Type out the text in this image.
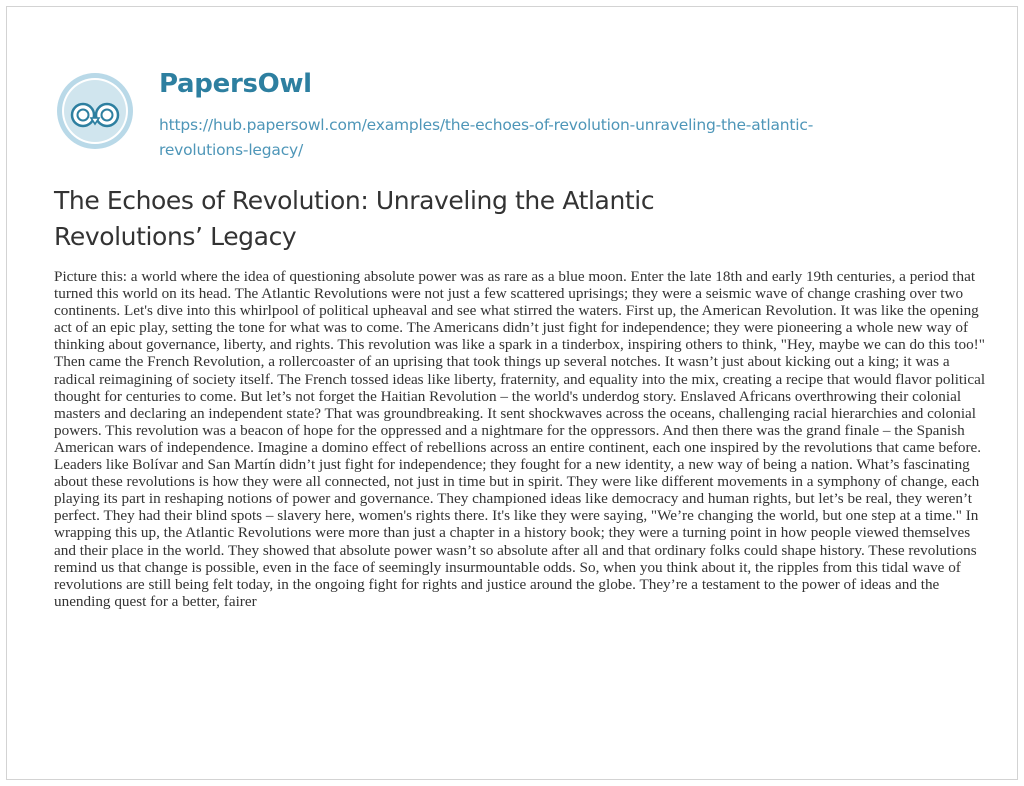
PapersOwl
https://hub.papersowl.com/examples/the-echoes-of-revolution-unraveling-the-atlantic-
revolutions-legacy/
The Echoes of Revolution: Unraveling the Atlantic
Revolutions’ Legacy

Picture this: a world where the idea of questioning absolute power was as rare as a blue moon. Enter the late 18th and early 19th centuries, a period that turned this world on its head. The Atlantic Revolutions were not just a few scattered uprisings; they were a seismic wave of change crashing over two continents. Let's dive into this whirlpool of political upheaval and see what stirred the waters. First up, the American Revolution. It was like the opening act of an epic play, setting the tone for what was to come. The Americans didn’t just fight for independence; they were pioneering a whole new way of thinking about governance, liberty, and rights. This revolution was like a spark in a tinderbox, inspiring others to think, "Hey, maybe we can do this too!" Then came the French Revolution, a rollercoaster of an uprising that took things up several notches. It wasn’t just about kicking out a king; it was a radical reimagining of society itself. The French tossed ideas like liberty, fraternity, and equality into the mix, creating a recipe that would flavor political thought for centuries to come. But let’s not forget the Haitian Revolution – the world's underdog story. Enslaved Africans overthrowing their colonial masters and declaring an independent state? That was groundbreaking. It sent shockwaves across the oceans, challenging racial hierarchies and colonial powers. This revolution was a beacon of hope for the oppressed and a nightmare for the oppressors. And then there was the grand finale – the Spanish American wars of independence. Imagine a domino effect of rebellions across an entire continent, each one inspired by the revolutions that came before. Leaders like Bolívar and San Martín didn’t just fight for independence; they fought for a new identity, a new way of being a nation. What’s fascinating about these revolutions is how they were all connected, not just in time but in spirit. They were like different movements in a symphony of change, each playing its part in reshaping notions of power and governance. They championed ideas like democracy and human rights, but let’s be real, they weren’t perfect. They had their blind spots – slavery here, women's rights there. It's like they were saying, "We’re changing the world, but one step at a time." In wrapping this up, the Atlantic Revolutions were more than just a chapter in a history book; they were a turning point in how people viewed themselves and their place in the world. They showed that absolute power wasn’t so absolute after all and that ordinary folks could shape history. These revolutions remind us that change is possible, even in the face of seemingly insurmountable odds. So, when you think about it, the ripples from this tidal wave of revolutions are still being felt today, in the ongoing fight for rights and justice around the globe. They’re a testament to the power of ideas and the unending quest for a better, fairer
